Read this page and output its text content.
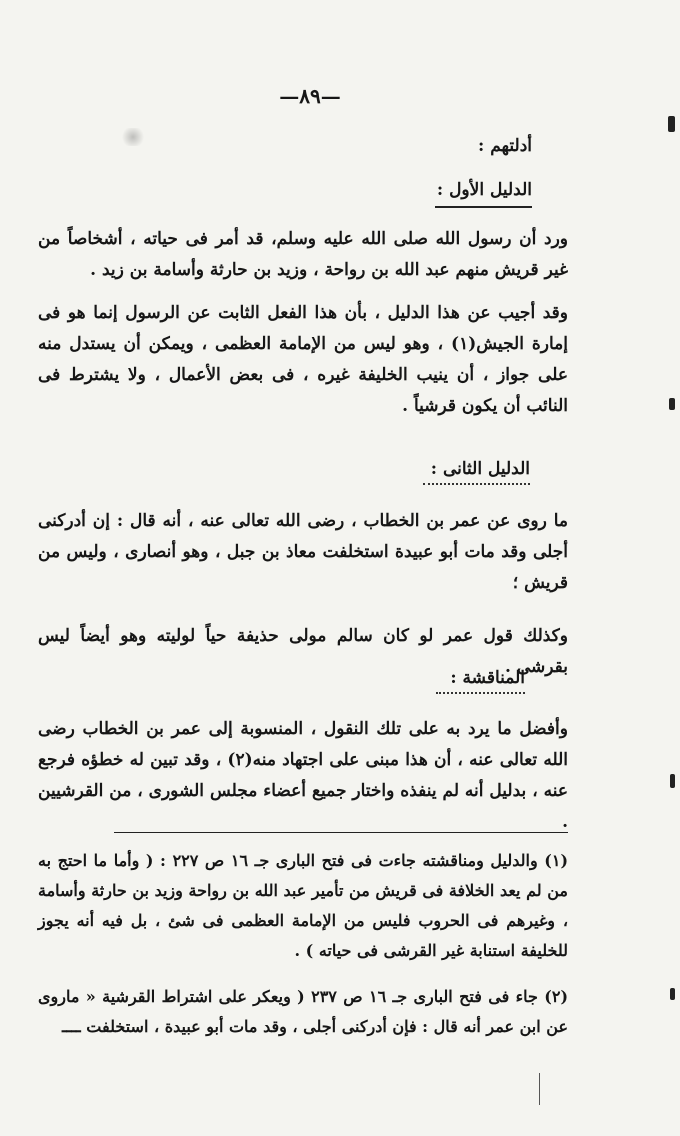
—٨٩—
أدلتهم :
الدليل الأول :
ورد أن رسول الله صلى الله عليه وسلم، قد أمر فى حياته ، أشخاصاً من غير قريش منهم عبد الله بن رواحة ، وزيد بن حارثة وأسامة بن زيد .
وقد أجيب عن هذا الدليل ، بأن هذا الفعل الثابت عن الرسول إنما هو فى إمارة الجيش(١) ، وهو ليس من الإمامة العظمى ، ويمكن أن يستدل منه على جواز ، أن ينيب الخليفة غيره ، فى بعض الأعمال ، ولا يشترط فى النائب أن يكون قرشياً .
الدليل الثانى :
ما روى عن عمر بن الخطاب ، رضى الله تعالى عنه ، أنه قال : إن أدركنى أجلى وقد مات أبو عبيدة استخلفت معاذ بن جبل ، وهو أنصارى ، وليس من قريش ؛
وكذلك قول عمر لو كان سالم مولى حذيفة حياً لوليته وهو أيضاً ليس بقرشى .
المناقشة :
وأفضل ما يرد به على تلك النقول ، المنسوبة إلى عمر بن الخطاب رضى الله تعالى عنه ، أن هذا مبنى على اجتهاد منه(٢) ، وقد تبين له خطؤه فرجع عنه ، بدليل أنه لم ينفذه واختار جميع أعضاء مجلس الشورى ، من القرشيين .
(١) والدليل ومناقشته جاءت فى فتح البارى جـ ١٦ ص ٢٢٧ : ( وأما ما احتج به من لم يعد الخلافة فى قريش من تأمير عبد الله بن رواحة وزيد بن حارثة وأسامة ، وغيرهم فى الحروب فليس من الإمامة العظمى فى شئ ، بل فيه أنه يجوز للخليفة استنابة غير القرشى فى حياته ) .
(٢) جاء فى فتح البارى جـ ١٦ ص ٢٣٧ ( ويعكر على اشتراط القرشية « ماروى عن ابن عمر أنه قال : فإن أدركنى أجلى ، وقد مات أبو عبيدة ، استخلفت ــــ
